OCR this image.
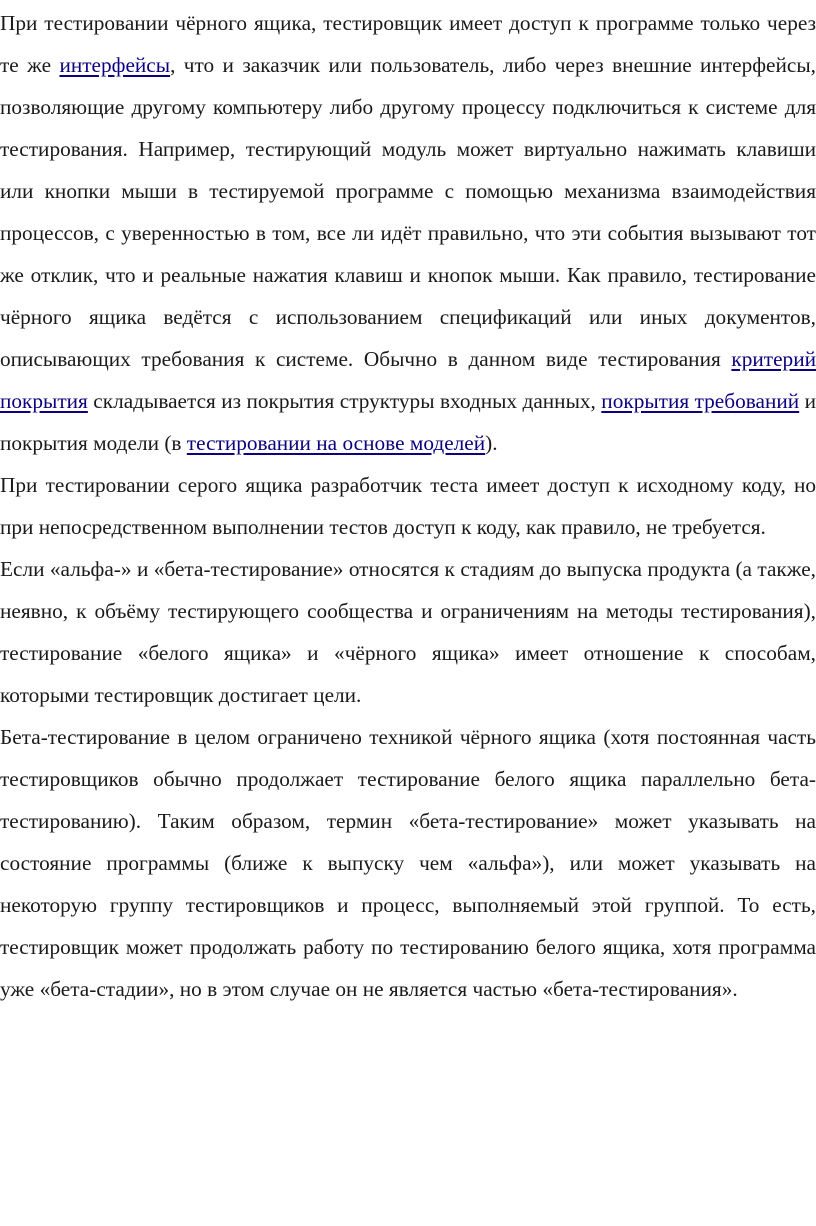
При тестировании чёрного ящика, тестировщик имеет доступ к программе только через те же интерфейсы, что и заказчик или пользователь, либо через внешние интерфейсы, позволяющие другому компьютеру либо другому процессу подключиться к системе для тестирования. Например, тестирующий модуль может виртуально нажимать клавиши или кнопки мыши в тестируемой программе с помощью механизма взаимодействия процессов, с уверенностью в том, все ли идёт правильно, что эти события вызывают тот же отклик, что и реальные нажатия клавиш и кнопок мыши. Как правило, тестирование чёрного ящика ведётся с использованием спецификаций или иных документов, описывающих требования к системе. Обычно в данном виде тестирования критерий покрытия складывается из покрытия структуры входных данных, покрытия требований и покрытия модели (в тестировании на основе моделей).

При тестировании серого ящика разработчик теста имеет доступ к исходному коду, но при непосредственном выполнении тестов доступ к коду, как правило, не требуется.

Если «альфа-» и «бета-тестирование» относятся к стадиям до выпуска продукта (а также, неявно, к объёму тестирующего сообщества и ограничениям на методы тестирования), тестирование «белого ящика» и «чёрного ящика» имеет отношение к способам, которыми тестировщик достигает цели.

Бета-тестирование в целом ограничено техникой чёрного ящика (хотя постоянная часть тестировщиков обычно продолжает тестирование белого ящика параллельно бета-тестированию). Таким образом, термин «бета-тестирование» может указывать на состояние программы (ближе к выпуску чем «альфа»), или может указывать на некоторую группу тестировщиков и процесс, выполняемый этой группой. То есть, тестировщик может продолжать работу по тестированию белого ящика, хотя программа уже «бета-стадии», но в этом случае он не является частью «бета-тестирования».
